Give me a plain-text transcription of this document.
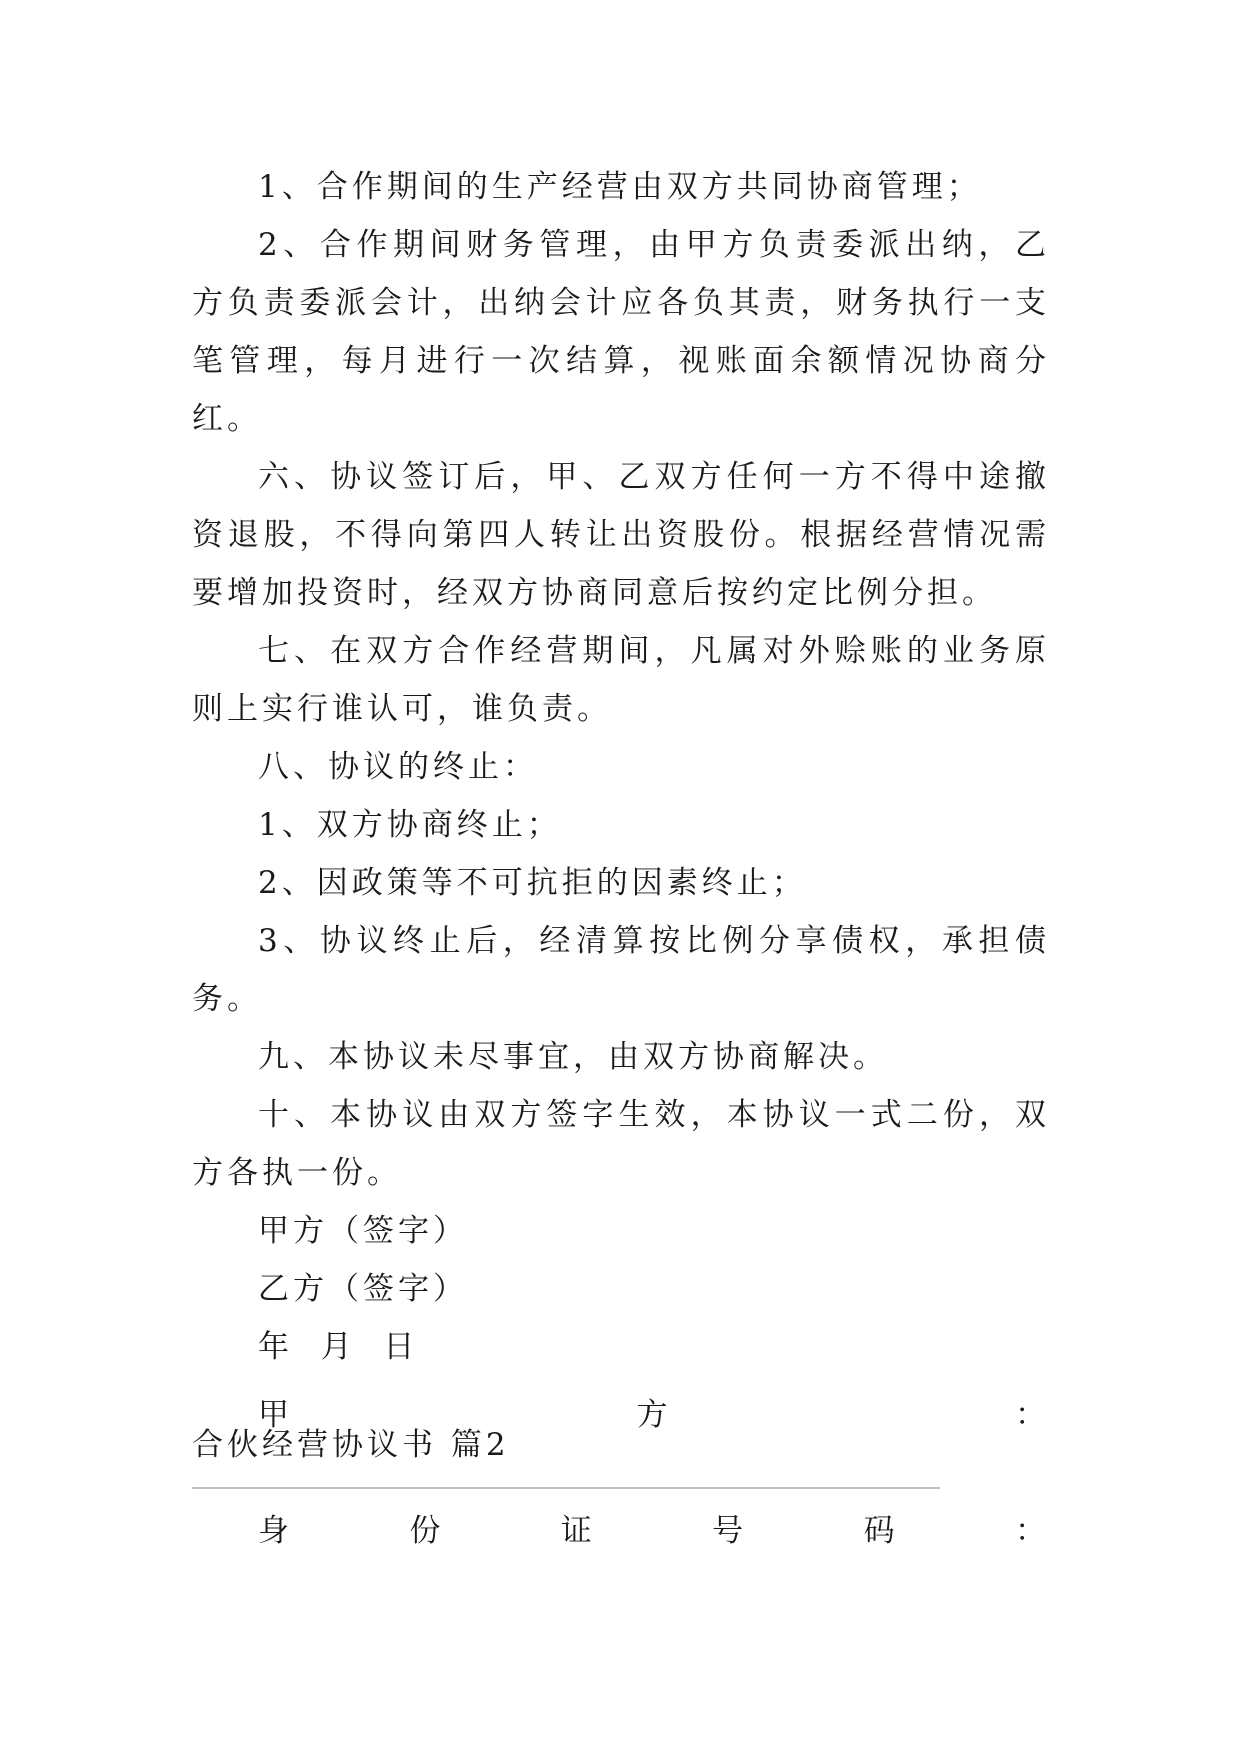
1、合作期间的生产经营由双方共同协商管理；

2、合作期间财务管理，由甲方负责委派出纳，乙方负责委派会计，出纳会计应各负其责，财务执行一支笔管理，每月进行一次结算，视账面余额情况协商分红。

六、协议签订后，甲、乙双方任何一方不得中途撤资退股，不得向第四人转让出资股份。根据经营情况需要增加投资时，经双方协商同意后按约定比例分担。

七、在双方合作经营期间，凡属对外赊账的业务原则上实行谁认可，谁负责。

八、协议的终止：

1、双方协商终止；

2、因政策等不可抗拒的因素终止；

3、协议终止后，经清算按比例分享债权，承担债务。

九、本协议未尽事宜，由双方协商解决。

十、本协议由双方签字生效，本协议一式二份，双方各执一份。

甲方（签字）

乙方（签字）

年  月  日

合伙经营协议书 篇2

甲	方	：
身	份	证	号	码	：
